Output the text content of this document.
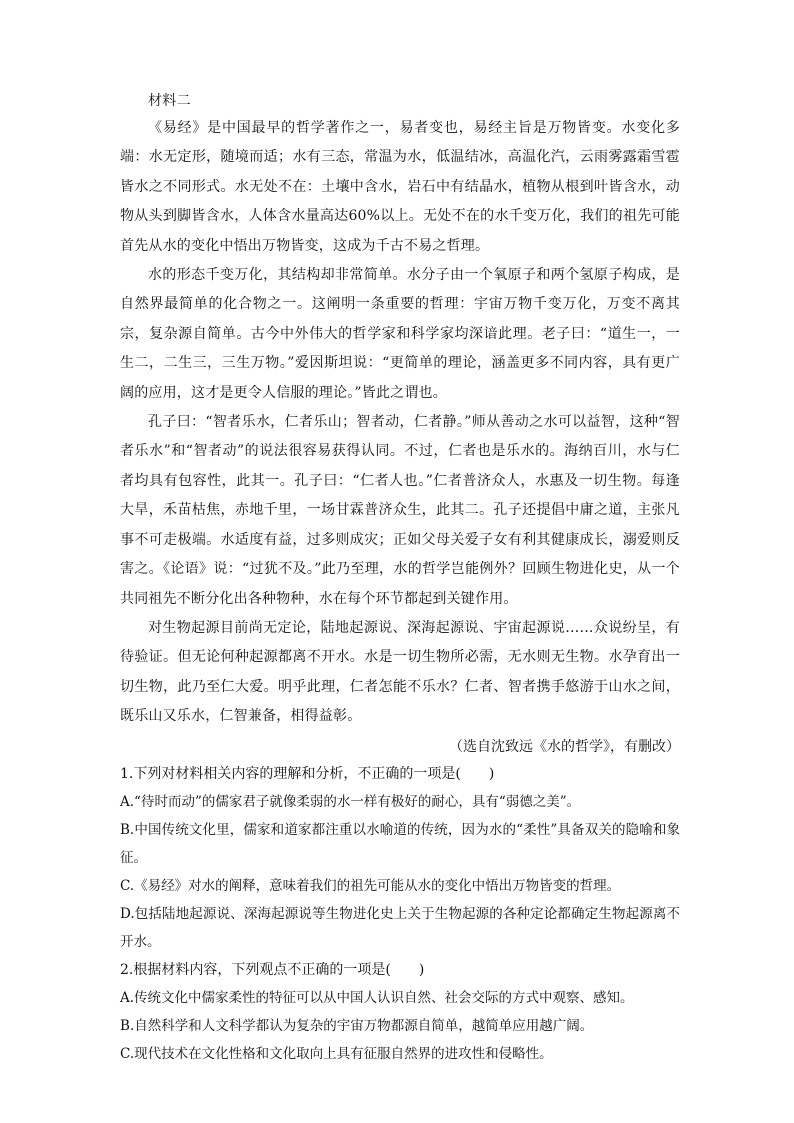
材料二

《易经》是中国最早的哲学著作之一，易者变也，易经主旨是万物皆变。水变化多端：水无定形，随境而适；水有三态，常温为水，低温结冰，高温化汽，云雨雾露霜雪雹皆水之不同形式。水无处不在：土壤中含水，岩石中有结晶水，植物从根到叶皆含水，动物从头到脚皆含水，人体含水量高达60%以上。无处不在的水千变万化，我们的祖先可能首先从水的变化中悟出万物皆变，这成为千古不易之哲理。

水的形态千变万化，其结构却非常简单。水分子由一个氧原子和两个氢原子构成，是自然界最简单的化合物之一。这阐明一条重要的哲理：宇宙万物千变万化，万变不离其宗，复杂源自简单。古今中外伟大的哲学家和科学家均深谙此理。老子曰：“道生一，一生二，二生三，三生万物。”爱因斯坦说：“更简单的理论，涵盖更多不同内容，具有更广阔的应用，这才是更令人信服的理论。”皆此之谓也。

孔子曰：“智者乐水，仁者乐山；智者动，仁者静。”师从善动之水可以益智，这种“智者乐水”和“智者动”的说法很容易获得认同。不过，仁者也是乐水的。海纳百川，水与仁者均具有包容性，此其一。孔子曰：“仁者人也。”仁者普济众人，水惠及一切生物。每逢大旱，禾苗枯焦，赤地千里，一场甘霖普济众生，此其二。孔子还提倡中庸之道，主张凡事不可走极端。水适度有益，过多则成灾；正如父母关爱子女有利其健康成长，溺爱则反害之。《论语》说：“过犹不及。”此乃至理，水的哲学岂能例外？回顾生物进化史，从一个共同祖先不断分化出各种物种，水在每个环节都起到关键作用。

对生物起源目前尚无定论，陆地起源说、深海起源说、宇宙起源说……众说纷呈，有待验证。但无论何种起源都离不开水。水是一切生物所必需，无水则无生物。水孕育出一切生物，此乃至仁大爱。明乎此理，仁者怎能不乐水？仁者、智者携手悠游于山水之间，既乐山又乐水，仁智兼备，相得益彰。

（选自沈致远《水的哲学》，有删改）

1.下列对材料相关内容的理解和分析，不正确的一项是(　　)

A.“待时而动”的儒家君子就像柔弱的水一样有极好的耐心，具有“弱德之美”。

B.中国传统文化里，儒家和道家都注重以水喻道的传统，因为水的“柔性”具备双关的隐喻和象征。

C.《易经》对水的阐释，意味着我们的祖先可能从水的变化中悟出万物皆变的哲理。

D.包括陆地起源说、深海起源说等生物进化史上关于生物起源的各种定论都确定生物起源离不开水。

2.根据材料内容，下列观点不正确的一项是(　　)

A.传统文化中儒家柔性的特征可以从中国人认识自然、社会交际的方式中观察、感知。

B.自然科学和人文科学都认为复杂的宇宙万物都源自简单，越简单应用越广阔。

C.现代技术在文化性格和文化取向上具有征服自然界的进攻性和侵略性。
